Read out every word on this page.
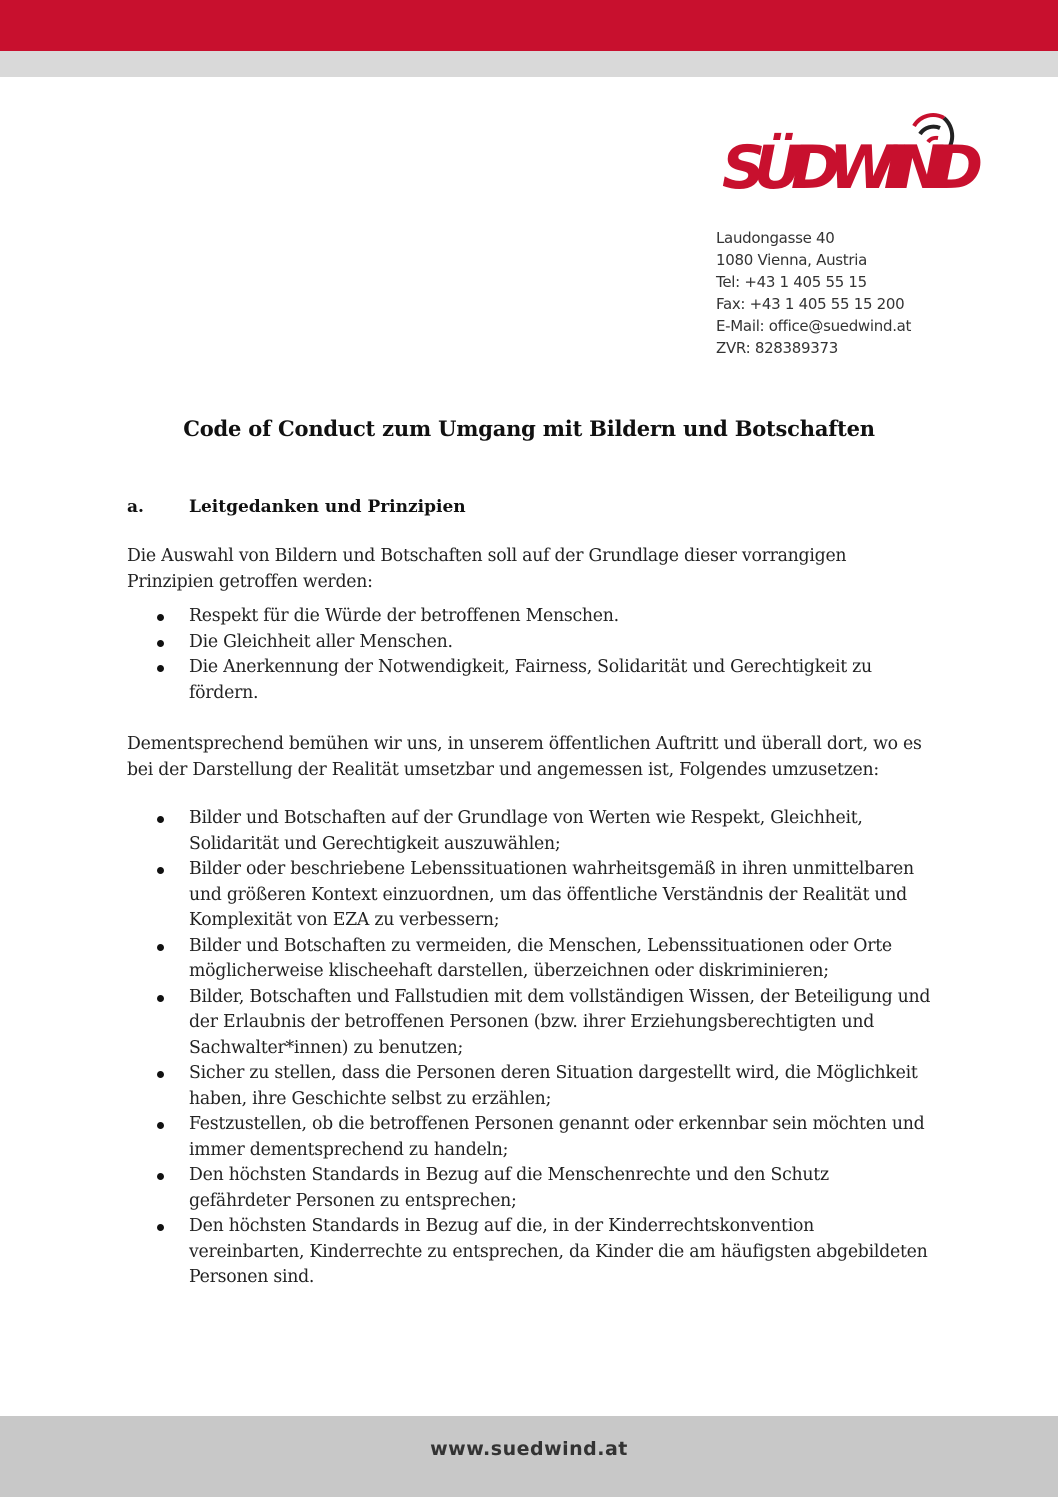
SÜDWIND
Laudongasse 40
1080 Vienna, Austria
Tel: +43 1 405 55 15
Fax: +43 1 405 55 15 200
E-Mail: office@suedwind.at
ZVR: 828389373
Code of Conduct zum Umgang mit Bildern und Botschaften
a.	Leitgedanken und Prinzipien
Die Auswahl von Bildern und Botschaften soll auf der Grundlage dieser vorrangigen Prinzipien getroffen werden:
Respekt für die Würde der betroffenen Menschen.
Die Gleichheit aller Menschen.
Die Anerkennung der Notwendigkeit, Fairness, Solidarität und Gerechtigkeit zu fördern.
Dementsprechend bemühen wir uns, in unserem öffentlichen Auftritt und überall dort, wo es bei der Darstellung der Realität umsetzbar und angemessen ist, Folgendes umzusetzen:
Bilder und Botschaften auf der Grundlage von Werten wie Respekt, Gleichheit, Solidarität und Gerechtigkeit auszuwählen;
Bilder oder beschriebene Lebenssituationen wahrheitsgemäß in ihren unmittelbaren und größeren Kontext einzuordnen, um das öffentliche Verständnis der Realität und Komplexität von EZA zu verbessern;
Bilder und Botschaften zu vermeiden, die Menschen, Lebenssituationen oder Orte möglicherweise klischeehaft darstellen, überzeichnen oder diskriminieren;
Bilder, Botschaften und Fallstudien mit dem vollständigen Wissen, der Beteiligung und der Erlaubnis der betroffenen Personen (bzw. ihrer Erziehungsberechtigten und Sachwalter*innen) zu benutzen;
Sicher zu stellen, dass die Personen deren Situation dargestellt wird, die Möglichkeit haben, ihre Geschichte selbst zu erzählen;
Festzustellen, ob die betroffenen Personen genannt oder erkennbar sein möchten und immer dementsprechend zu handeln;
Den höchsten Standards in Bezug auf die Menschenrechte und den Schutz gefährdeter Personen zu entsprechen;
Den höchsten Standards in Bezug auf die, in der Kinderrechtskonvention vereinbarten, Kinderrechte zu entsprechen, da Kinder die am häufigsten abgebildeten Personen sind.
www.suedwind.at
